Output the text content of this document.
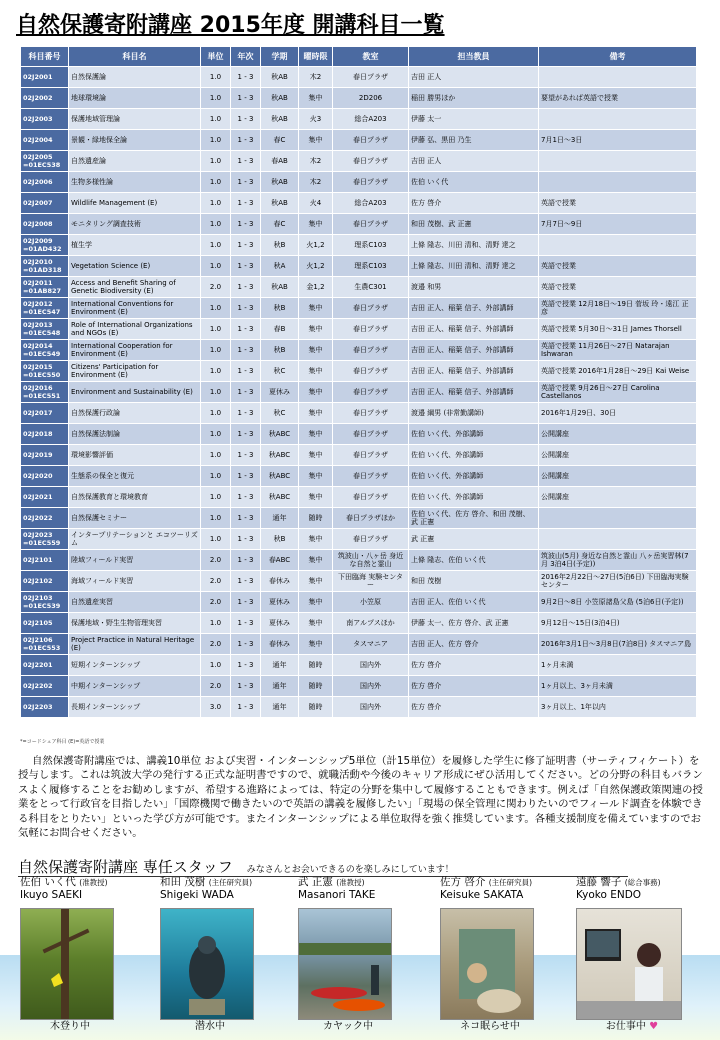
自然保護寄附講座 2015年度 開講科目一覧
科目番号	科目名	単位	年次	学期	曜時限	教室	担当教員	備考
02J2001	自然保護論	1.0	1 - 3	秋AB	木2	春日プラザ	吉田 正人	
02J2002	地球環境論	1.0	1 - 3	秋AB	集中	2D206	稲田 勝男ほか	要望があれば英語で授業
02J2003	保護地域管理論	1.0	1 - 3	秋AB	火3	総合A203	伊藤 太一	
02J2004	景観・緑地保全論	1.0	1 - 3	春C	集中	春日プラザ	伊藤 弘、黒田 乃生	7月1日～3日
02J2005 =01EC538	自然遺産論	1.0	1 - 3	春AB	木2	春日プラザ	吉田 正人	
02J2006	生物多様性論	1.0	1 - 3	秋AB	木2	春日プラザ	佐伯 いく代	
02J2007	Wildlife Management (E)	1.0	1 - 3	秋AB	火4	総合A203	佐方 啓介	英語で授業
02J2008	モニタリング調査技術	1.0	1 - 3	春C	集中	春日プラザ	和田 茂樹、武 正憲	7月7日～9日
02J2009 =01AD432	植生学	1.0	1 - 3	秋B	火1,2	理系C103	上條 隆志、川田 清和、清野 達之	
02J2010 =01AD318	Vegetation Science (E)	1.0	1 - 3	秋A	火1,2	理系C103	上條 隆志、川田 清和、清野 達之	英語で授業
02J2011 =01AB827	Access and Benefit Sharing of Genetic Biodiversity (E)	2.0	1 - 3	秋AB	金1,2	生農C301	渡邉 和男	英語で授業
02J2012 =01EC547	International Conventions for Environment (E)	1.0	1 - 3	秋B	集中	春日プラザ	吉田 正人、稲葉 信子、外部講師	英語で授業 12月18日～19日 菅坂 玲・遠江 正彦
02J2013 =01EC548	Role of International Organizations and NGOs (E)	1.0	1 - 3	春B	集中	春日プラザ	吉田 正人、稲葉 信子、外部講師	英語で授業 5月30日～31日 James Thorsell
02J2014 =01EC549	International Cooperation for Environment (E)	1.0	1 - 3	秋B	集中	春日プラザ	吉田 正人、稲葉 信子、外部講師	英語で授業 11月26日～27日 Natarajan Ishwaran
02J2015 =01EC550	Citizens' Participation for Environment (E)	1.0	1 - 3	秋C	集中	春日プラザ	吉田 正人、稲葉 信子、外部講師	英語で授業 2016年1月28日～29日 Kai Weise
02J2016 =01EC551	Environment and Sustainability (E)	1.0	1 - 3	夏休み	集中	春日プラザ	吉田 正人、稲葉 信子、外部講師	英語で授業 9月26日～27日 Carolina Castellanos
02J2017	自然保護行政論	1.0	1 - 3	秋C	集中	春日プラザ	渡邉 綱男 (非常勤講師)	2016年1月29日、30日
02J2018	自然保護法制論	1.0	1 - 3	秋ABC	集中	春日プラザ	佐伯 いく代、外部講師	公開講座
02J2019	環境影響評価	1.0	1 - 3	秋ABC	集中	春日プラザ	佐伯 いく代、外部講師	公開講座
02J2020	生態系の保全と復元	1.0	1 - 3	秋ABC	集中	春日プラザ	佐伯 いく代、外部講師	公開講座
02J2021	自然保護教育と環境教育	1.0	1 - 3	秋ABC	集中	春日プラザ	佐伯 いく代、外部講師	公開講座
02J2022	自然保護セミナー	1.0	1 - 3	通年	随時	春日プラザほか	佐伯 いく代、佐方 啓介、和田 茂樹、武 正憲	
02J2023 =01EC559	インタープリテーションと エコツーリズム	1.0	1 - 3	秋B	集中	春日プラザ	武 正憲	
02J2101	陸域フィールド実習	2.0	1 - 3	春ABC	集中	筑波山・八ヶ岳 身近な自然と霊山	上條 隆志、佐伯 いく代	筑波山(5月) 身近な自然と霊山 八ヶ岳実習林(7月 3泊4日(予定))
02J2102	海域フィールド実習	2.0	1 - 3	春休み	集中	下田臨海 実験センター	和田 茂樹	2016年2月22日～27日(5泊6日) 下田臨海実験センター
02J2103 =01EC539	自然遺産実習	2.0	1 - 3	夏休み	集中	小笠原	吉田 正人、佐伯 いく代	9月2日～8日 小笠原諸島父島 (5泊6日(予定))
02J2105	保護地域・野生生物管理実習	1.0	1 - 3	夏休み	集中	南アルプスほか	伊藤 太一、佐方 啓介、武 正憲	9月12日～15日(3泊4日)
02J2106 =01EC553	Project Practice in Natural Heritage (E)	2.0	1 - 3	春休み	集中	タスマニア	吉田 正人、佐方 啓介	2016年3月1日～3月8日(7泊8日) タスマニア島
02J2201	短期インターンシップ	1.0	1 - 3	通年	随時	国内外	佐方 啓介	1ヶ月未満
02J2202	中期インターンシップ	2.0	1 - 3	通年	随時	国内外	佐方 啓介	1ヶ月以上、3ヶ月未満
02J2203	長期インターンシップ	3.0	1 - 3	通年	随時	国内外	佐方 啓介	3ヶ月以上、1年以内
*=コードシェア科目 (E)=英語で授業
自然保護寄附講座では、講義10単位 および実習・インターンシップ5単位（計15単位）を履修した学生に修了証明書（サーティフィケート）を授与します。これは筑波大学の発行する正式な証明書ですので、就職活動や今後のキャリア形成にぜひ活用してください。どの分野の科目もバランスよく履修することをお勧めしますが、希望する進路によっては、特定の分野を集中して履修することもできます。例えば「自然保護政策関連の授業をとって行政官を目指したい」「国際機関で働きたいので英語の講義を履修したい」「現場の保全管理に関わりたいのでフィールド調査を体験できる科目をとりたい」といった学び方が可能です。またインターンシップによる単位取得を強く推奨しています。各種支援制度を備えていますのでお気軽にお問合せください。
自然保護寄附講座 専任スタッフ みなさんとお会いできるのを楽しみにしています！
佐伯 いく代 (准教授)
Ikuyo SAEKI
木登り中
和田 茂樹 (主任研究員)
Shigeki WADA
潜水中
武 正憲 (准教授)
Masanori TAKE
カヤック中
佐方 啓介 (主任研究員)
Keisuke SAKATA
ネコ眠らせ中
遠藤 響子 (総合事務)
Kyoko ENDO
お仕事中 ♥
